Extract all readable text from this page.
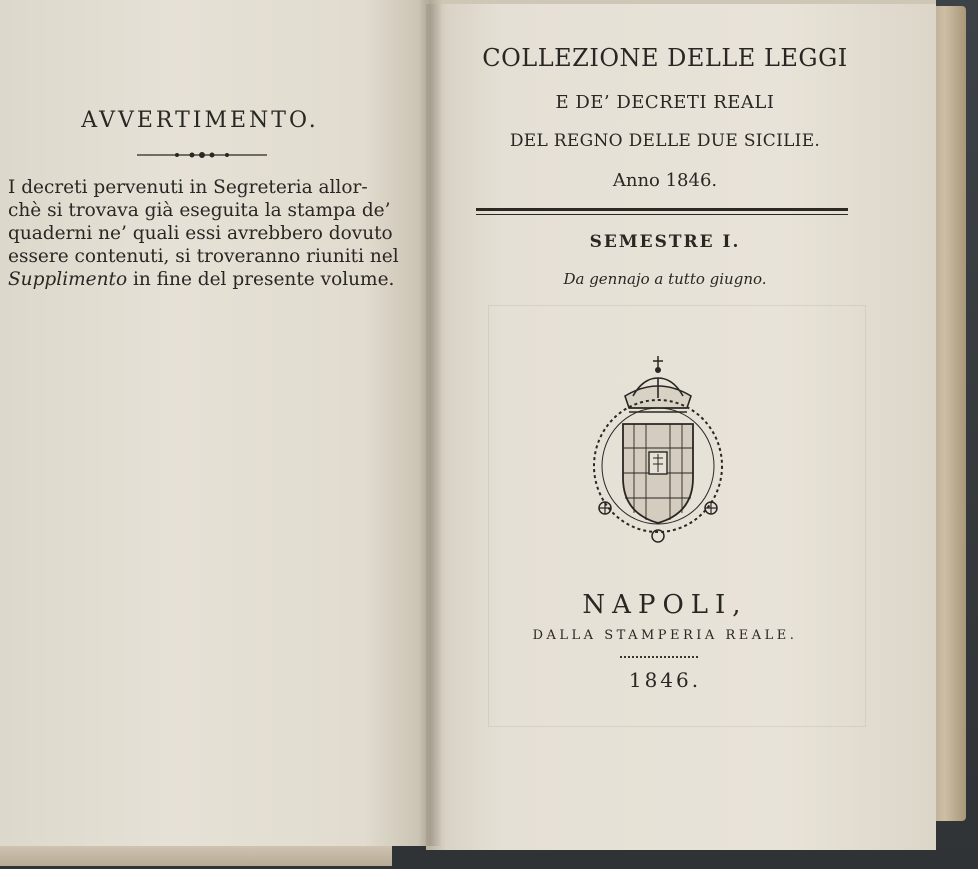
AVVERTIMENTO.
I decreti pervenuti in Segreteria allor-
chè si trovava già eseguita la stampa de’
quaderni ne’ quali essi avrebbero dovuto
essere contenuti, si troveranno riuniti nel
Supplimento in fine del presente volume.
COLLEZIONE DELLE LEGGI
E DE’ DECRETI REALI
DEL REGNO DELLE DUE SICILIE.
Anno 1846.
SEMESTRE I.
Da gennajo a tutto giugno.
NAPOLI,
DALLA STAMPERIA REALE.
1846.
